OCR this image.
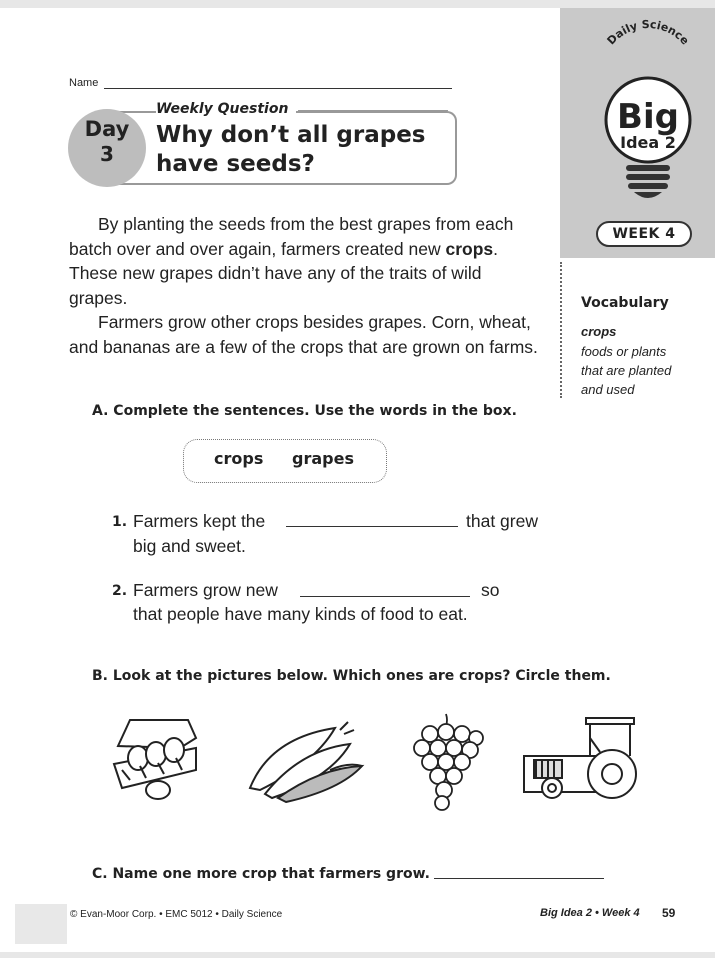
Daily Science
Big
Idea 2
WEEK 4
Vocabulary
crops
foods or plants that are planted and used
Name
Day
3
Weekly Question
Why don’t all grapes have seeds?
By planting the seeds from the best grapes from each batch over and over again, farmers created new crops. These new grapes didn’t have any of the traits of wild grapes.
Farmers grow other crops besides grapes. Corn, wheat, and bananas are a few of the crops that are grown on farms.
A. Complete the sentences. Use the words in the box.
crops grapes
1. Farmers kept the	that grew
big and sweet.
2. Farmers grow new	so
that people have many kinds of food to eat.
B. Look at the pictures below. Which ones are crops? Circle them.
C. Name one more crop that farmers grow.
© Evan-Moor Corp. • EMC 5012 • Daily Science	Big Idea 2 • Week 4 59
